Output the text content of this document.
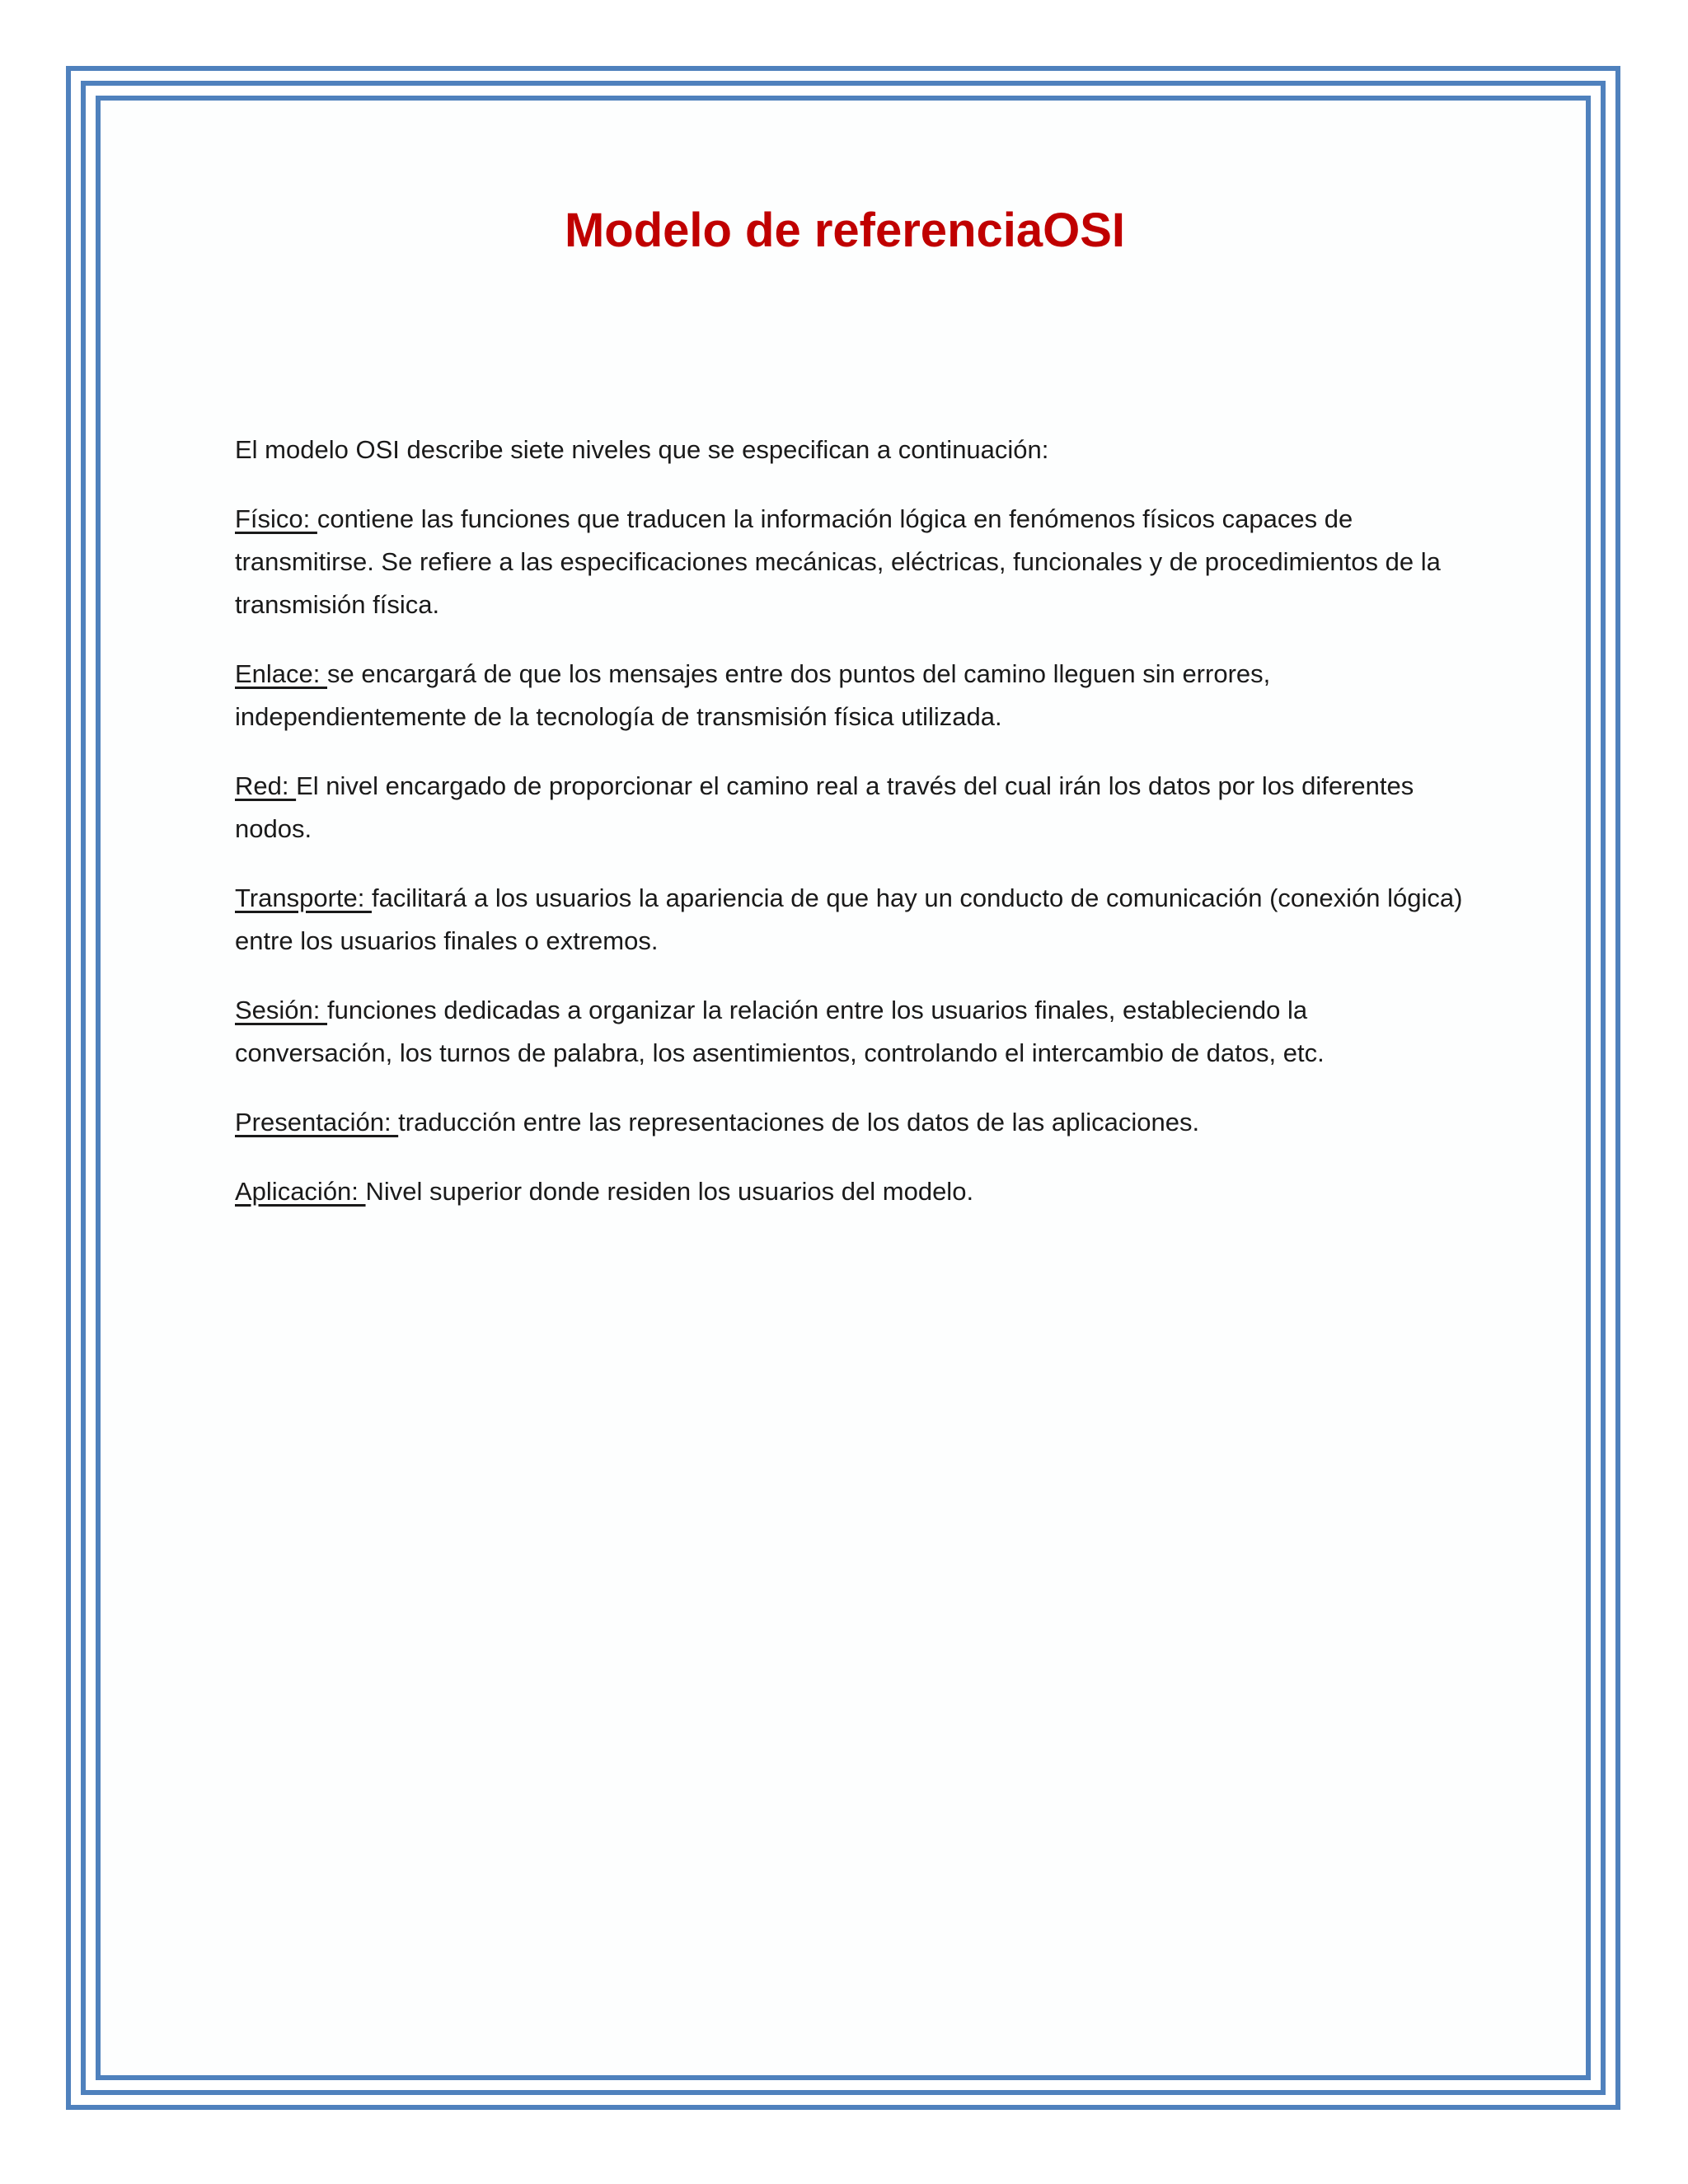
Modelo de referenciaOSI

El modelo OSI describe siete niveles que se especifican a continuación:

Físico: contiene las funciones que traducen la información lógica en fenómenos físicos capaces de transmitirse. Se refiere a las especificaciones mecánicas, eléctricas, funcionales y de procedimientos de la transmisión física.

Enlace: se encargará de que los mensajes entre dos puntos del camino lleguen sin errores, independientemente de la tecnología de transmisión física utilizada.

Red: El nivel encargado de proporcionar el camino real a través del cual irán los datos por los diferentes nodos.

Transporte: facilitará a los usuarios la apariencia de que hay un conducto de comunicación (conexión lógica) entre los usuarios finales o extremos.

Sesión: funciones dedicadas a organizar la relación entre los usuarios finales, estableciendo la conversación, los turnos de palabra, los asentimientos, controlando el intercambio de datos, etc.

Presentación: traducción entre las representaciones de los datos de las aplicaciones.

Aplicación: Nivel superior donde residen los usuarios del modelo.
